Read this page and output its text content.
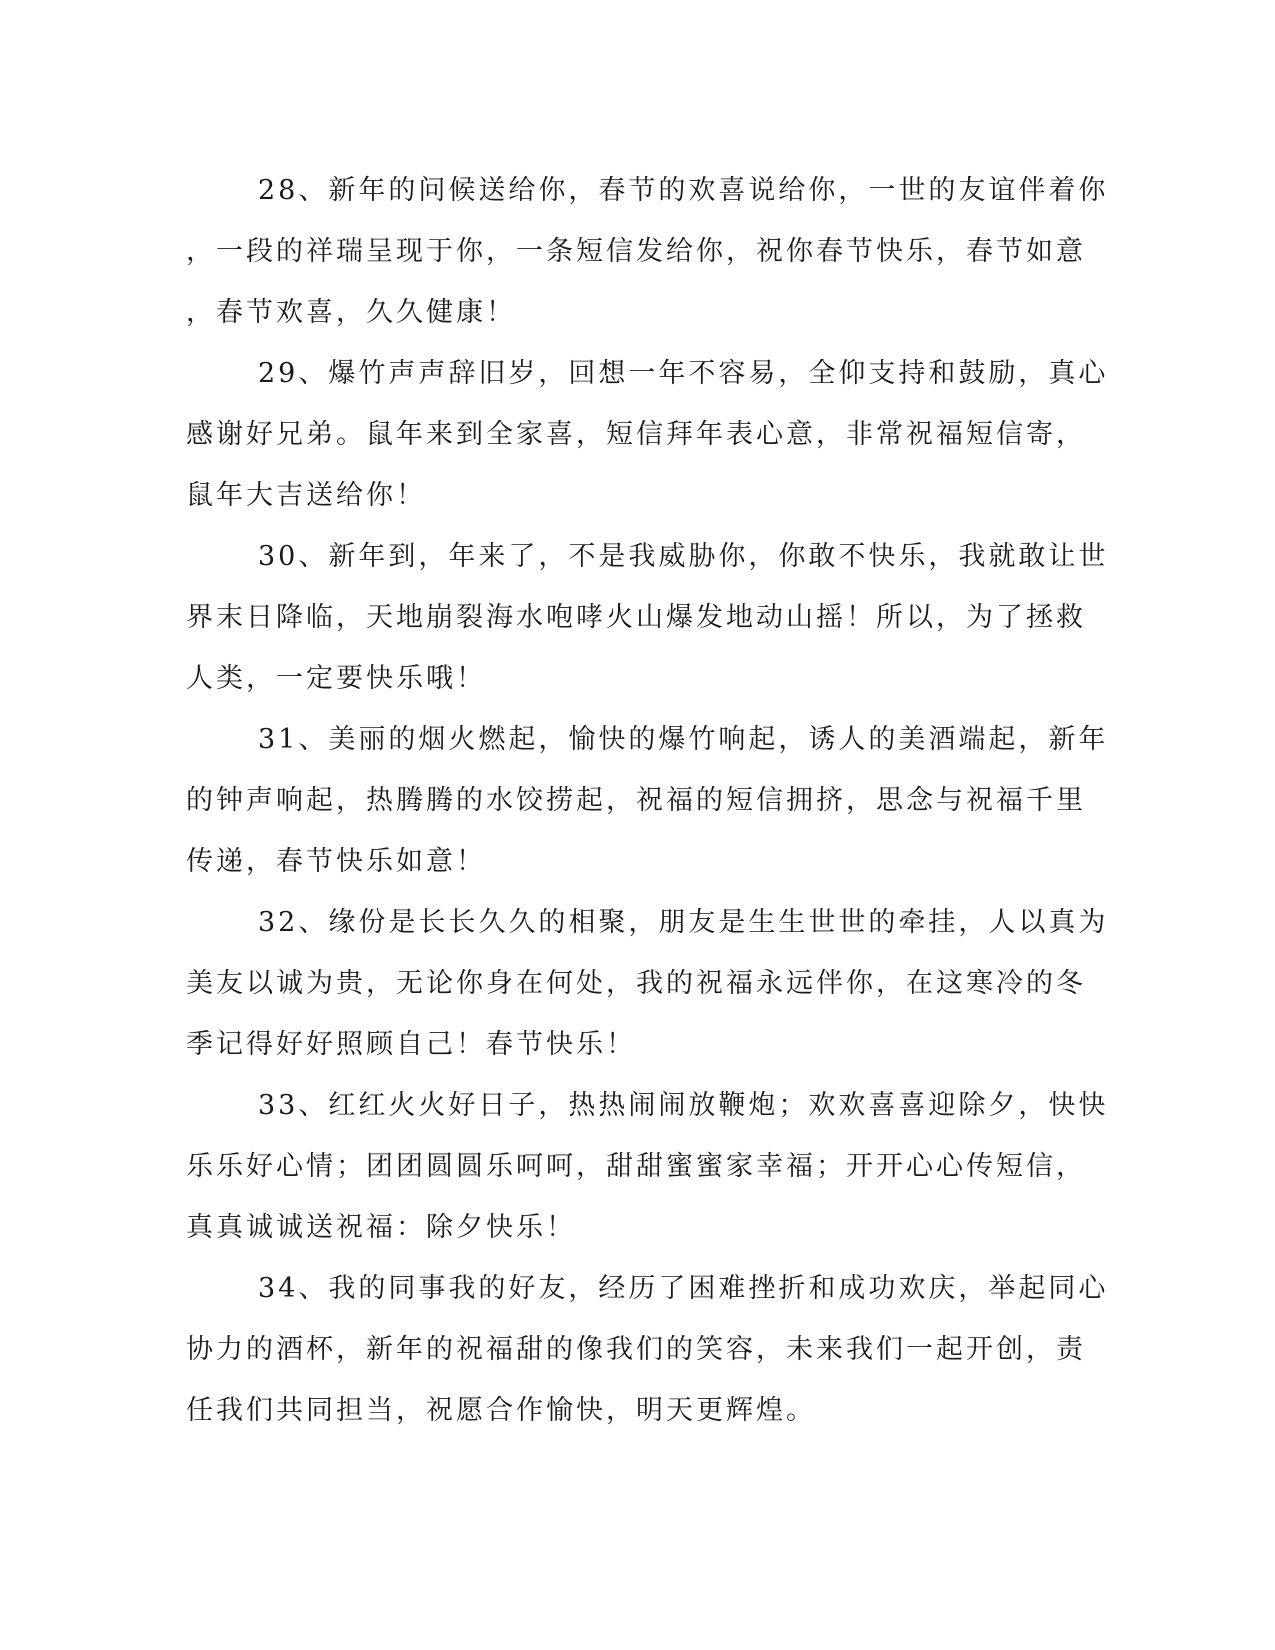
28、新年的问候送给你，春节的欢喜说给你，一世的友谊伴着你
，一段的祥瑞呈现于你，一条短信发给你，祝你春节快乐，春节如意
，春节欢喜，久久健康！
29、爆竹声声辞旧岁，回想一年不容易，全仰支持和鼓励，真心
感谢好兄弟。鼠年来到全家喜，短信拜年表心意，非常祝福短信寄，
鼠年大吉送给你！
30、新年到，年来了，不是我威胁你，你敢不快乐，我就敢让世
界末日降临，天地崩裂海水咆哮火山爆发地动山摇！所以，为了拯救
人类，一定要快乐哦！
31、美丽的烟火燃起，愉快的爆竹响起，诱人的美酒端起，新年
的钟声响起，热腾腾的水饺捞起，祝福的短信拥挤，思念与祝福千里
传递，春节快乐如意！
32、缘份是长长久久的相聚，朋友是生生世世的牵挂，人以真为
美友以诚为贵，无论你身在何处，我的祝福永远伴你，在这寒冷的冬
季记得好好照顾自己！春节快乐！
33、红红火火好日子，热热闹闹放鞭炮；欢欢喜喜迎除夕，快快
乐乐好心情；团团圆圆乐呵呵，甜甜蜜蜜家幸福；开开心心传短信，
真真诚诚送祝福：除夕快乐！
34、我的同事我的好友，经历了困难挫折和成功欢庆，举起同心
协力的酒杯，新年的祝福甜的像我们的笑容，未来我们一起开创，责
任我们共同担当，祝愿合作愉快，明天更辉煌。
